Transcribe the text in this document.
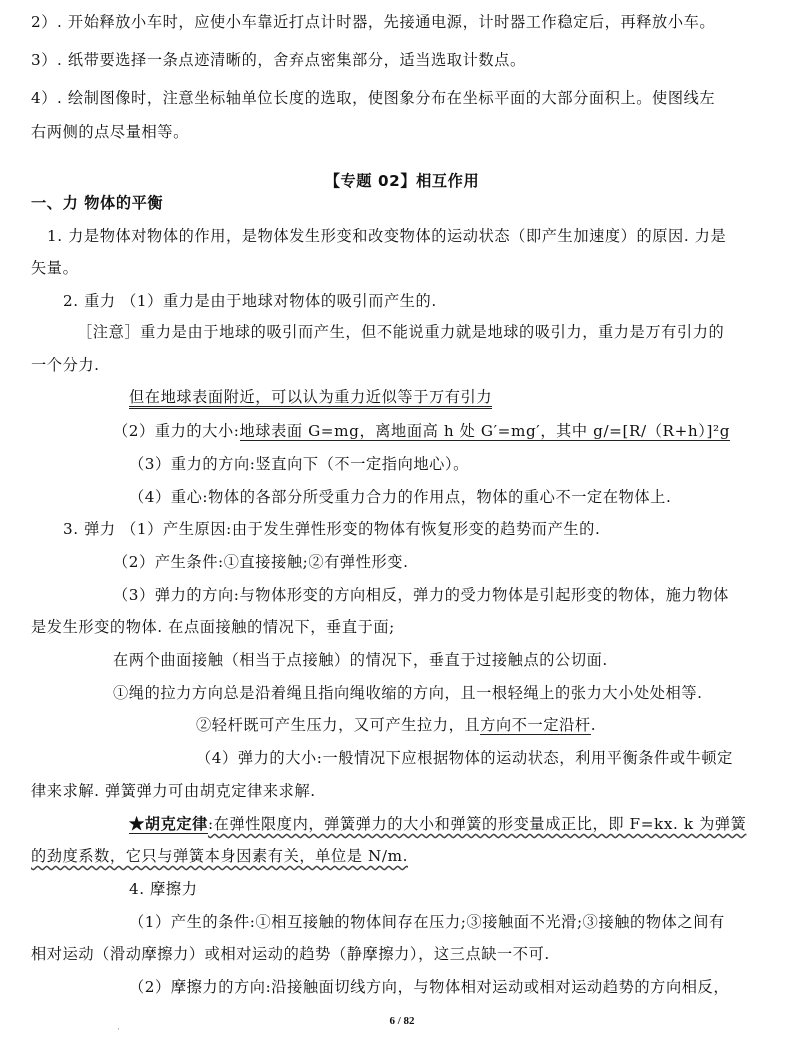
2）. 开始释放小车时，应使小车靠近打点计时器，先接通电源，计时器工作稳定后，再释放小车。
3）. 纸带要选择一条点迹清晰的，舍弃点密集部分，适当选取计数点。
4）. 绘制图像时，注意坐标轴单位长度的选取，使图象分布在坐标平面的大部分面积上。使图线左
右两侧的点尽量相等。
【专题 02】相互作用
一、力 物体的平衡
1. 力是物体对物体的作用，是物体发生形变和改变物体的运动状态（即产生加速度）的原因. 力是
矢量。
2. 重力 （1）重力是由于地球对物体的吸引而产生的.
［注意］重力是由于地球的吸引而产生，但不能说重力就是地球的吸引力，重力是万有引力的
一个分力.
但在地球表面附近，可以认为重力近似等于万有引力
（2）重力的大小:地球表面 G=mg，离地面高 h 处 G′=mg′，其中 g/=[R/（R+h）]²g
（3）重力的方向:竖直向下（不一定指向地心）。
（4）重心:物体的各部分所受重力合力的作用点，物体的重心不一定在物体上.
3. 弹力 （1）产生原因:由于发生弹性形变的物体有恢复形变的趋势而产生的.
（2）产生条件:①直接接触;②有弹性形变.
（3）弹力的方向:与物体形变的方向相反，弹力的受力物体是引起形变的物体，施力物体
是发生形变的物体. 在点面接触的情况下，垂直于面;
在两个曲面接触（相当于点接触）的情况下，垂直于过接触点的公切面.
①绳的拉力方向总是沿着绳且指向绳收缩的方向，且一根轻绳上的张力大小处处相等.
②轻杆既可产生压力，又可产生拉力，且方向不一定沿杆.
（4）弹力的大小:一般情况下应根据物体的运动状态，利用平衡条件或牛顿定
律来求解. 弹簧弹力可由胡克定律来求解.
★胡克定律:在弹性限度内，弹簧弹力的大小和弹簧的形变量成正比，即 F=kx. k 为弹簧
的劲度系数，它只与弹簧本身因素有关，单位是 N/m.
4. 摩擦力
（1）产生的条件:①相互接触的物体间存在压力;③接触面不光滑;③接触的物体之间有
相对运动（滑动摩擦力）或相对运动的趋势（静摩擦力），这三点缺一不可.
（2）摩擦力的方向:沿接触面切线方向，与物体相对运动或相对运动趋势的方向相反，
6 / 82
·
